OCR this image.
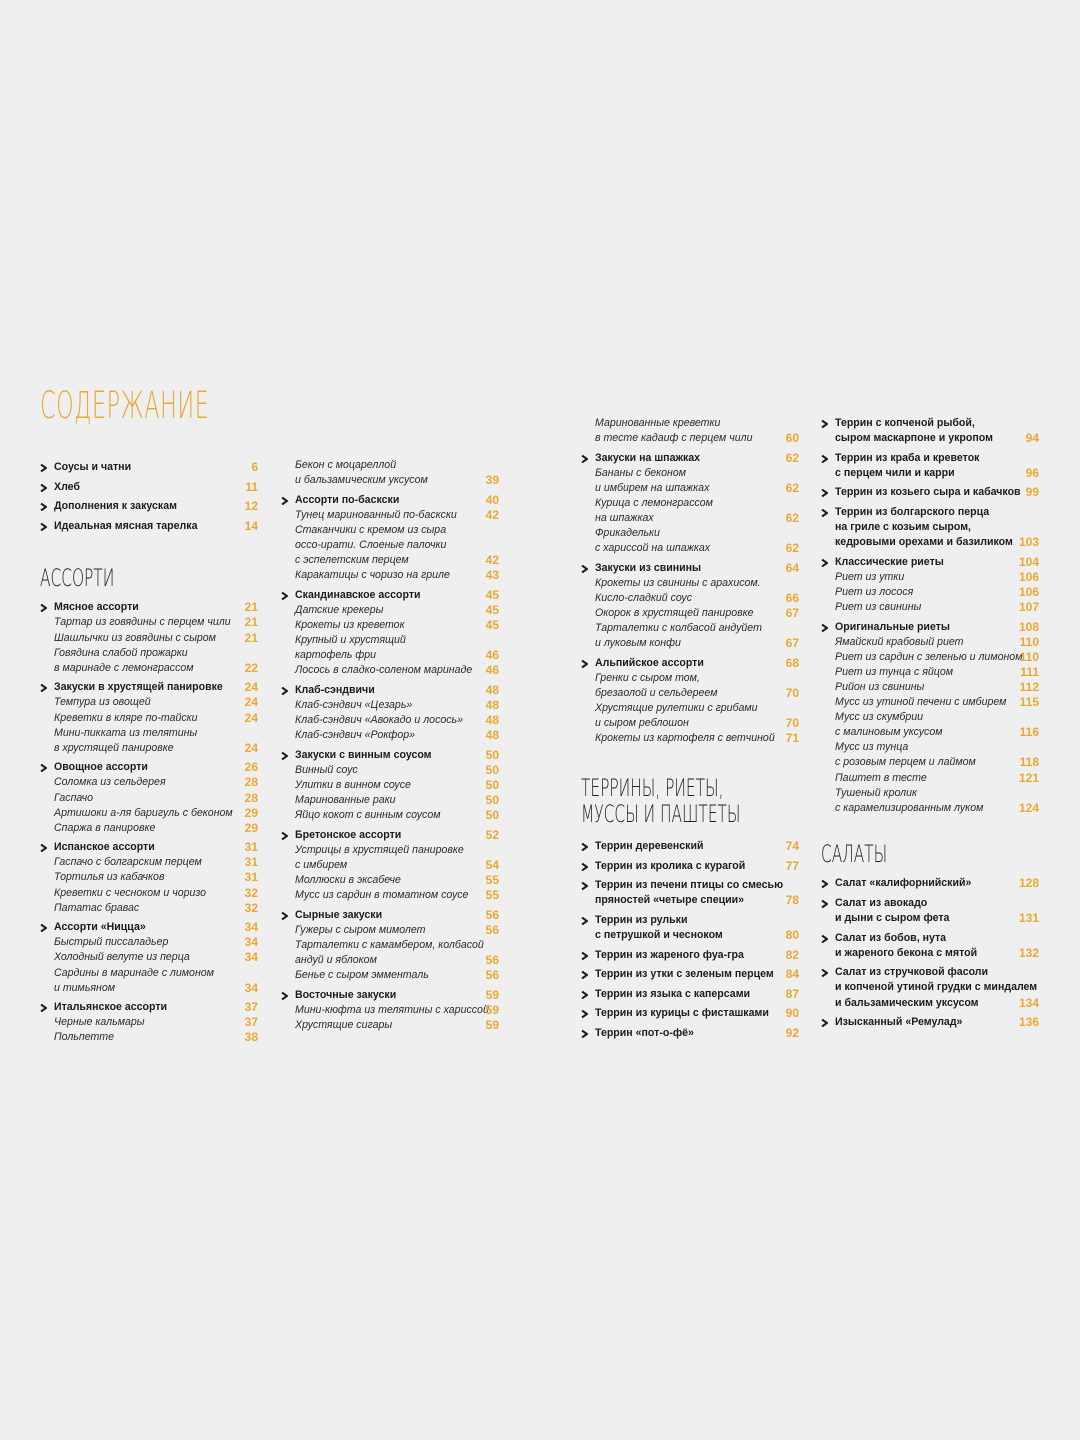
СОДЕРЖАНИЕ
Соусы и чатни	6
Хлеб	11
Дополнения к закускам	12
Идеальная мясная тарелка	14
АССОРТИ
Мясное ассорти	21
Тартар из говядины с перцем чили 21
Шашлычки из говядины с сыром 21
Говядина слабой прожарки
в маринаде с лемонграссом	22
Закуски в хрустящей панировке 24
Темпура из овощей	24
Креветки в кляре по-тайски	24
Мини-пикката из телятины
в хрустящей панировке	24
Овощное ассорти	26
Соломка из сельдерея	28
Гаспачо	28
Артишоки а-ля баригуль с беконом 29
Спаржа в панировке	29
Испанское ассорти	31
Гаспачо с болгарским перцем	31
Тортилья из кабачков	31
Креветки с чесноком и чоризо	32
Пататас бравас	32
Ассорти «Ницца»	34
Быстрый писсаладьер	34
Холодный велуте из перца	34
Сардины в маринаде с лимоном
и тимьяном	34
Итальянское ассорти	37
Черные кальмары	37
Польпетте	38
Бекон с моцареллой
и бальзамическим уксусом	39
Ассорти по-баскски	40
Тунец маринованный по-баскски 42
Стаканчики с кремом из сыра
оссо-ирати. Слоеные палочки
с эспелетским перцем	42
Каракатицы с чоризо на гриле	43
Скандинавское ассорти	45
Датские крекеры	45
Крокеты из креветок	45
Крупный и хрустящий
картофель фри	46
Лосось в сладко-соленом маринаде 46
Клаб-сэндвичи	48
Клаб-сэндвич «Цезарь»	48
Клаб-сэндвич «Авокадо и лосось» 48
Клаб-сэндвич «Рокфор»	48
Закуски с винным соусом	50
Винный соус	50
Улитки в винном соусе	50
Маринованные раки	50
Яйцо кокот с винным соусом	50
Бретонское ассорти	52
Устрицы в хрустящей панировке
с имбирем	54
Моллюски в эксабече	55
Мусс из сардин в томатном соусе 55
Сырные закуски	56
Гужеры с сыром мимолет	56
Тарталетки с камамбером, колбасой
андуй и яблоком	56
Бенье с сыром эмменталь	56
Восточные закуски	59
Мини-кюфта из телятины с хариссой
59
Хрустящие сигары	59
Маринованные креветки
в тесте кадаиф с перцем чили	60
Закуски на шпажках	62
Бананы с беконом
и имбирем на шпажках	62
Курица с лемонграссом
на шпажках	62
Фрикадельки
с хариссой на шпажках	62
Закуски из свинины	64
Крокеты из свинины с арахисом.
Кисло-сладкий соус	66
Окорок в хрустящей панировке	67
Тарталетки с колбасой андуйет
и луковым конфи	67
Альпийское ассорти	68
Гренки с сыром том,
брезаолой и сельдереем	70
Хрустящие рулетики с грибами
и сыром реблошон	70
Крокеты из картофеля с ветчиной 71
ТЕРРИНЫ, РИЕТЫ,
МУССЫ И ПАШТЕТЫ
Террин деревенский	74
Террин из кролика с курагой	77
Террин из печени птицы со смесью
пряностей «четыре специи»	78
Террин из рульки
с петрушкой и чесноком	80
Террин из жареного фуа-гра	82
Террин из утки с зеленым перцем 84
Террин из языка с каперсами	87
Террин из курицы с фисташками 90
Террин «пот-о-фё»	92
Террин с копченой рыбой,
сыром маскарпоне и укропом	94
Террин из краба и креветок
с перцем чили и карри	96
Террин из козьего сыра и кабачков 99
Террин из болгарского перца
на гриле с козьим сыром,
кедровыми орехами и базиликом 103
Классические риеты	104
Риет из утки	106
Риет из лосося	106
Риет из свинины	107
Оригинальные риеты	108
Ямайский крабовый риет	110
Риет из сардин с зеленью и лимоном
110
Риет из тунца с яйцом	111
Рийон из свинины	112
Мусс из утиной печени с имбирем 115
Мусс из скумбрии
с малиновым уксусом	116
Мусс из тунца
с розовым перцем и лаймом	118
Паштет в тесте	121
Тушеный кролик
с карамелизированным луком	124
САЛАТЫ
Салат «калифорнийский»	128
Салат из авокадо
и дыни с сыром фета	131
Салат из бобов, нута
и жареного бекона с мятой	132
Салат из стручковой фасоли
и копченой утиной грудки с миндалем
и бальзамическим уксусом	134
Изысканный «Ремулад»	136
